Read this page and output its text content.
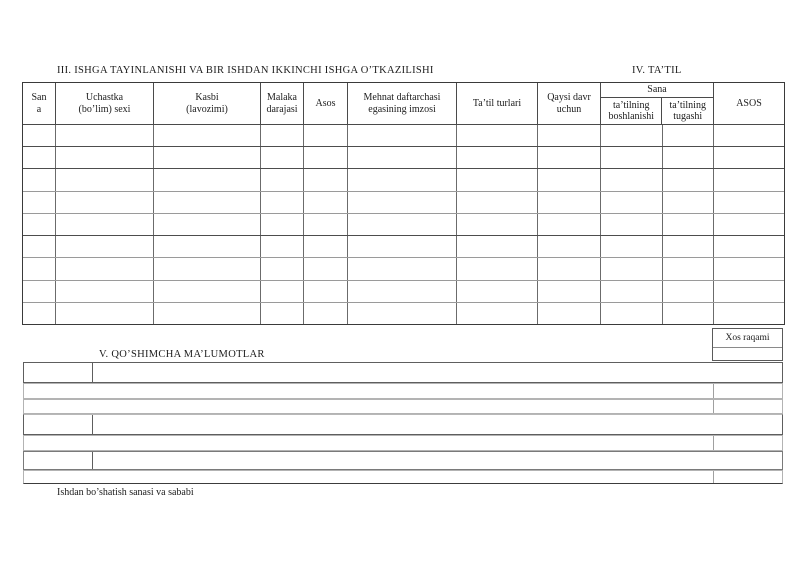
III. ISHGA TAYINLANISHI VA BIR ISHDAN IKKINCHI ISHGA O’TKAZILISHI	IV. TA’TIL
San
a
Uchastka
(bo’lim) sexi
Kasbi
(lavozimi)
Malaka
darajasi
Asos
Mehnat daftarchasi
egasining imzosi
Ta’til turlari
Qaysi davr
uchun
Sana
ta’tilning
boshlanishi
ta’tilning
tugashi
ASOS
Xos raqami
V. QO’SHIMCHA MA’LUMOTLAR
Ishdan bo’shatish sanasi va sababi
